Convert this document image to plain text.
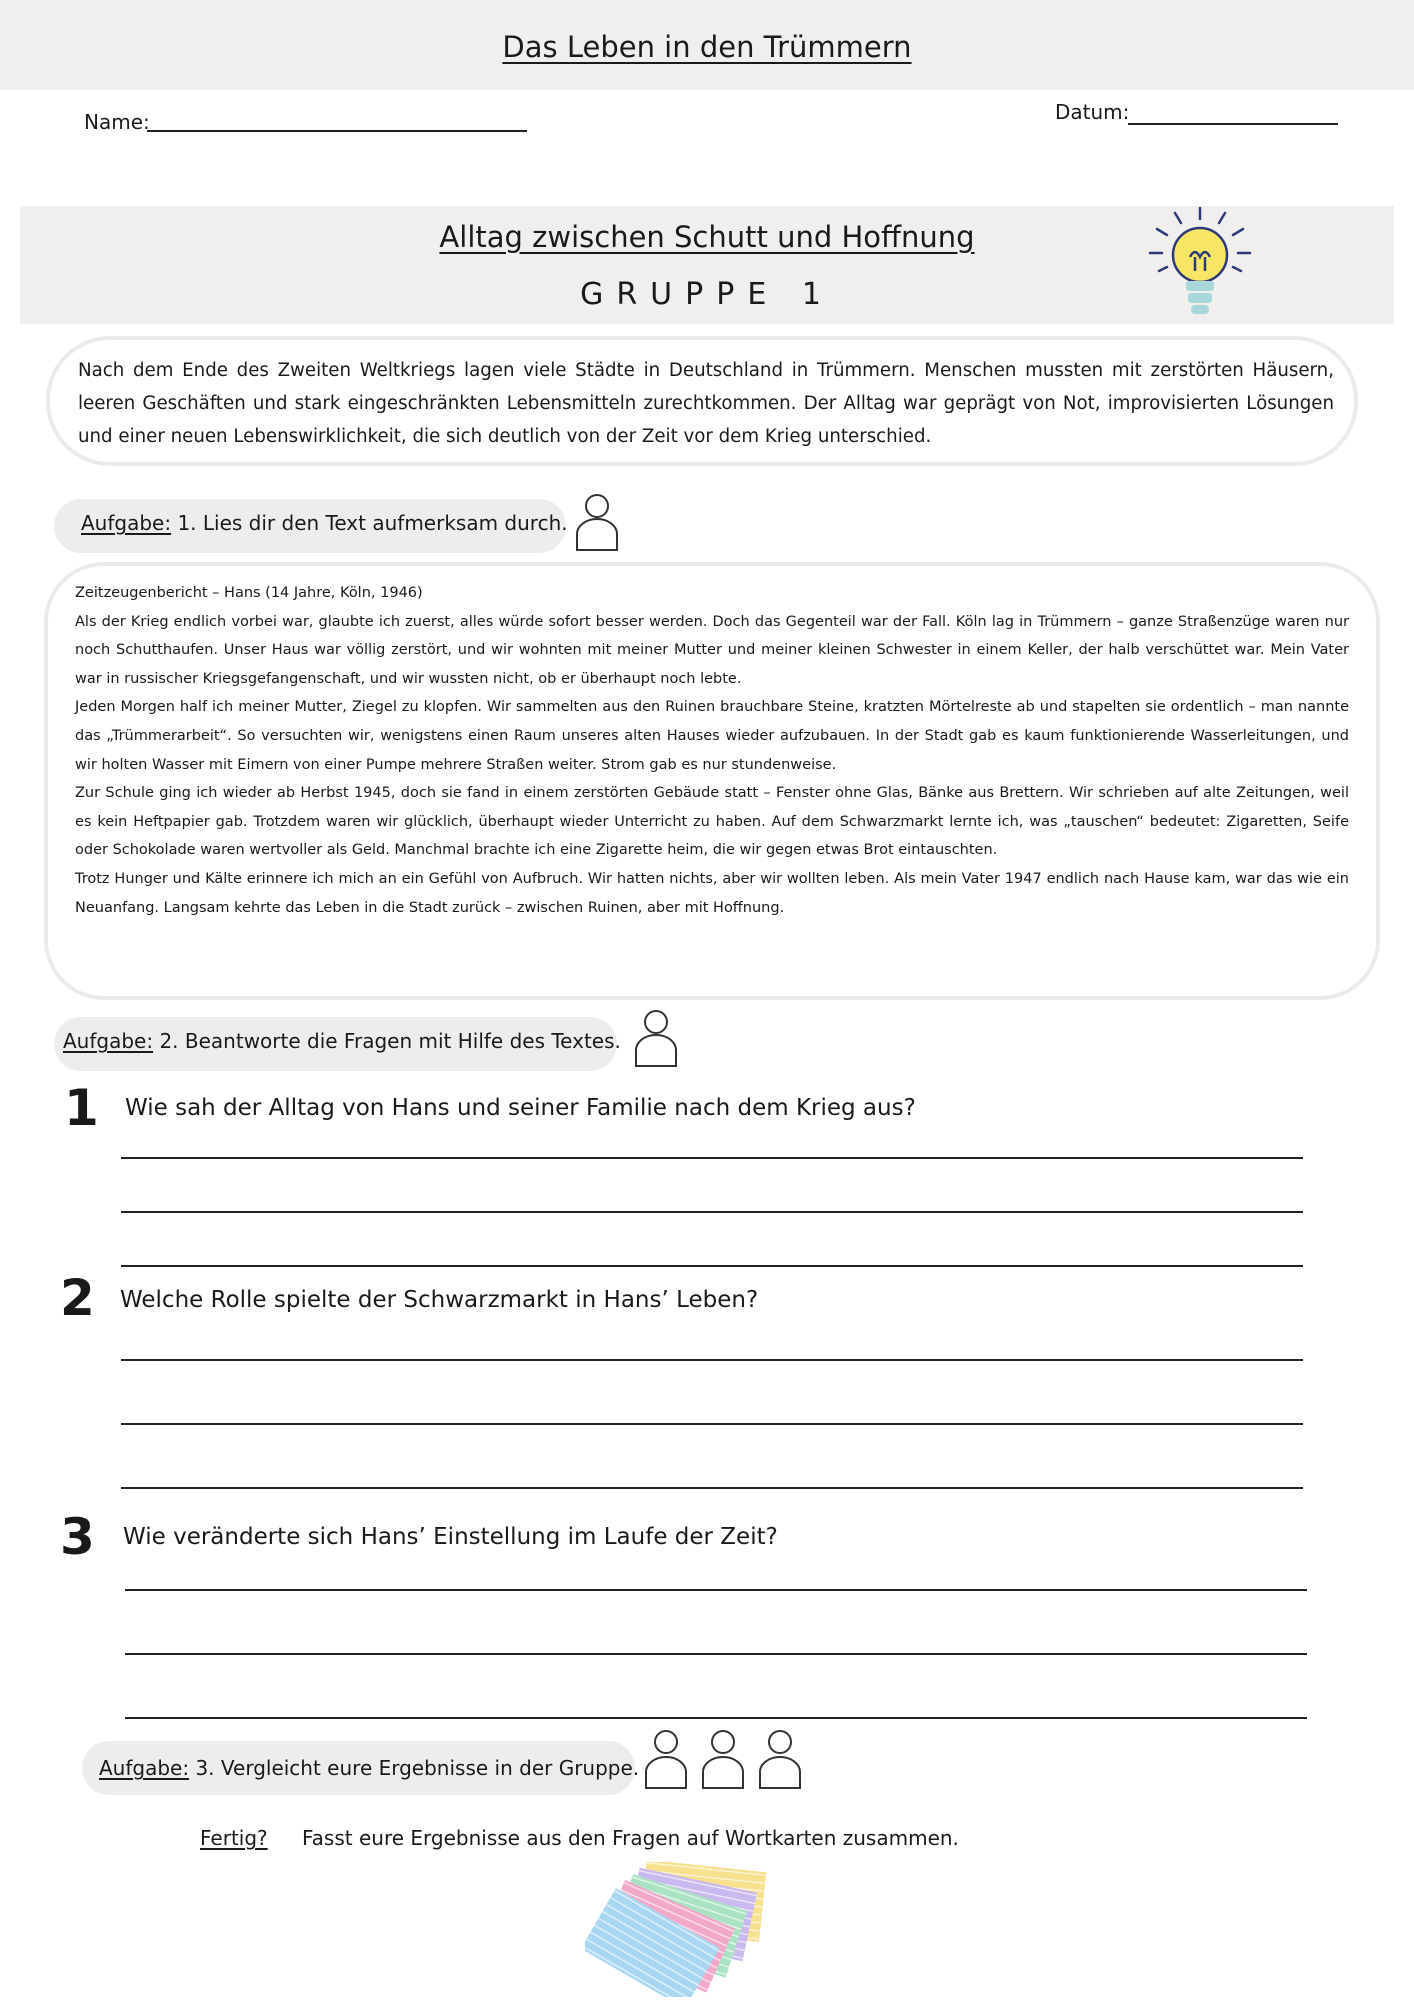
Das Leben in den Trümmern
Name:	Datum:
Alltag zwischen Schutt und Hoffnung
GRUPPE 1
Nach dem Ende des Zweiten Weltkriegs lagen viele Städte in Deutschland in Trümmern. Menschen mussten mit zerstörten Häusern, leeren Geschäften und stark eingeschränkten Lebensmitteln zurechtkommen. Der Alltag war geprägt von Not, improvisierten Lösungen und einer neuen Lebenswirklichkeit, die sich deutlich von der Zeit vor dem Krieg unterschied.
Aufgabe: 1. Lies dir den Text aufmerksam durch.

Zeitzeugenbericht – Hans (14 Jahre, Köln, 1946)

Als der Krieg endlich vorbei war, glaubte ich zuerst, alles würde sofort besser werden. Doch das Gegenteil war der Fall. Köln lag in Trümmern – ganze Straßenzüge waren nur noch Schutthaufen. Unser Haus war völlig zerstört, und wir wohnten mit meiner Mutter und meiner kleinen Schwester in einem Keller, der halb verschüttet war. Mein Vater war in russischer Kriegsgefangenschaft, und wir wussten nicht, ob er überhaupt noch lebte.

Jeden Morgen half ich meiner Mutter, Ziegel zu klopfen. Wir sammelten aus den Ruinen brauchbare Steine, kratzten Mörtelreste ab und stapelten sie ordentlich – man nannte das „Trümmerarbeit“. So versuchten wir, wenigstens einen Raum unseres alten Hauses wieder aufzubauen. In der Stadt gab es kaum funktionierende Wasserleitungen, und wir holten Wasser mit Eimern von einer Pumpe mehrere Straßen weiter. Strom gab es nur stundenweise.

Zur Schule ging ich wieder ab Herbst 1945, doch sie fand in einem zerstörten Gebäude statt – Fenster ohne Glas, Bänke aus Brettern. Wir schrieben auf alte Zeitungen, weil es kein Heftpapier gab. Trotzdem waren wir glücklich, überhaupt wieder Unterricht zu haben. Auf dem Schwarzmarkt lernte ich, was „tauschen“ bedeutet: Zigaretten, Seife oder Schokolade waren wertvoller als Geld. Manchmal brachte ich eine Zigarette heim, die wir gegen etwas Brot eintauschten.

Trotz Hunger und Kälte erinnere ich mich an ein Gefühl von Aufbruch. Wir hatten nichts, aber wir wollten leben. Als mein Vater 1947 endlich nach Hause kam, war das wie ein Neuanfang. Langsam kehrte das Leben in die Stadt zurück – zwischen Ruinen, aber mit Hoffnung.

Aufgabe: 2. Beantworte die Fragen mit Hilfe des Textes.
1 Wie sah der Alltag von Hans und seiner Familie nach dem Krieg aus?
2 Welche Rolle spielte der Schwarzmarkt in Hans’ Leben?
3 Wie veränderte sich Hans’ Einstellung im Laufe der Zeit?
Aufgabe: 3. Vergleicht eure Ergebnisse in der Gruppe.
Fertig? Fasst eure Ergebnisse aus den Fragen auf Wortkarten zusammen.
